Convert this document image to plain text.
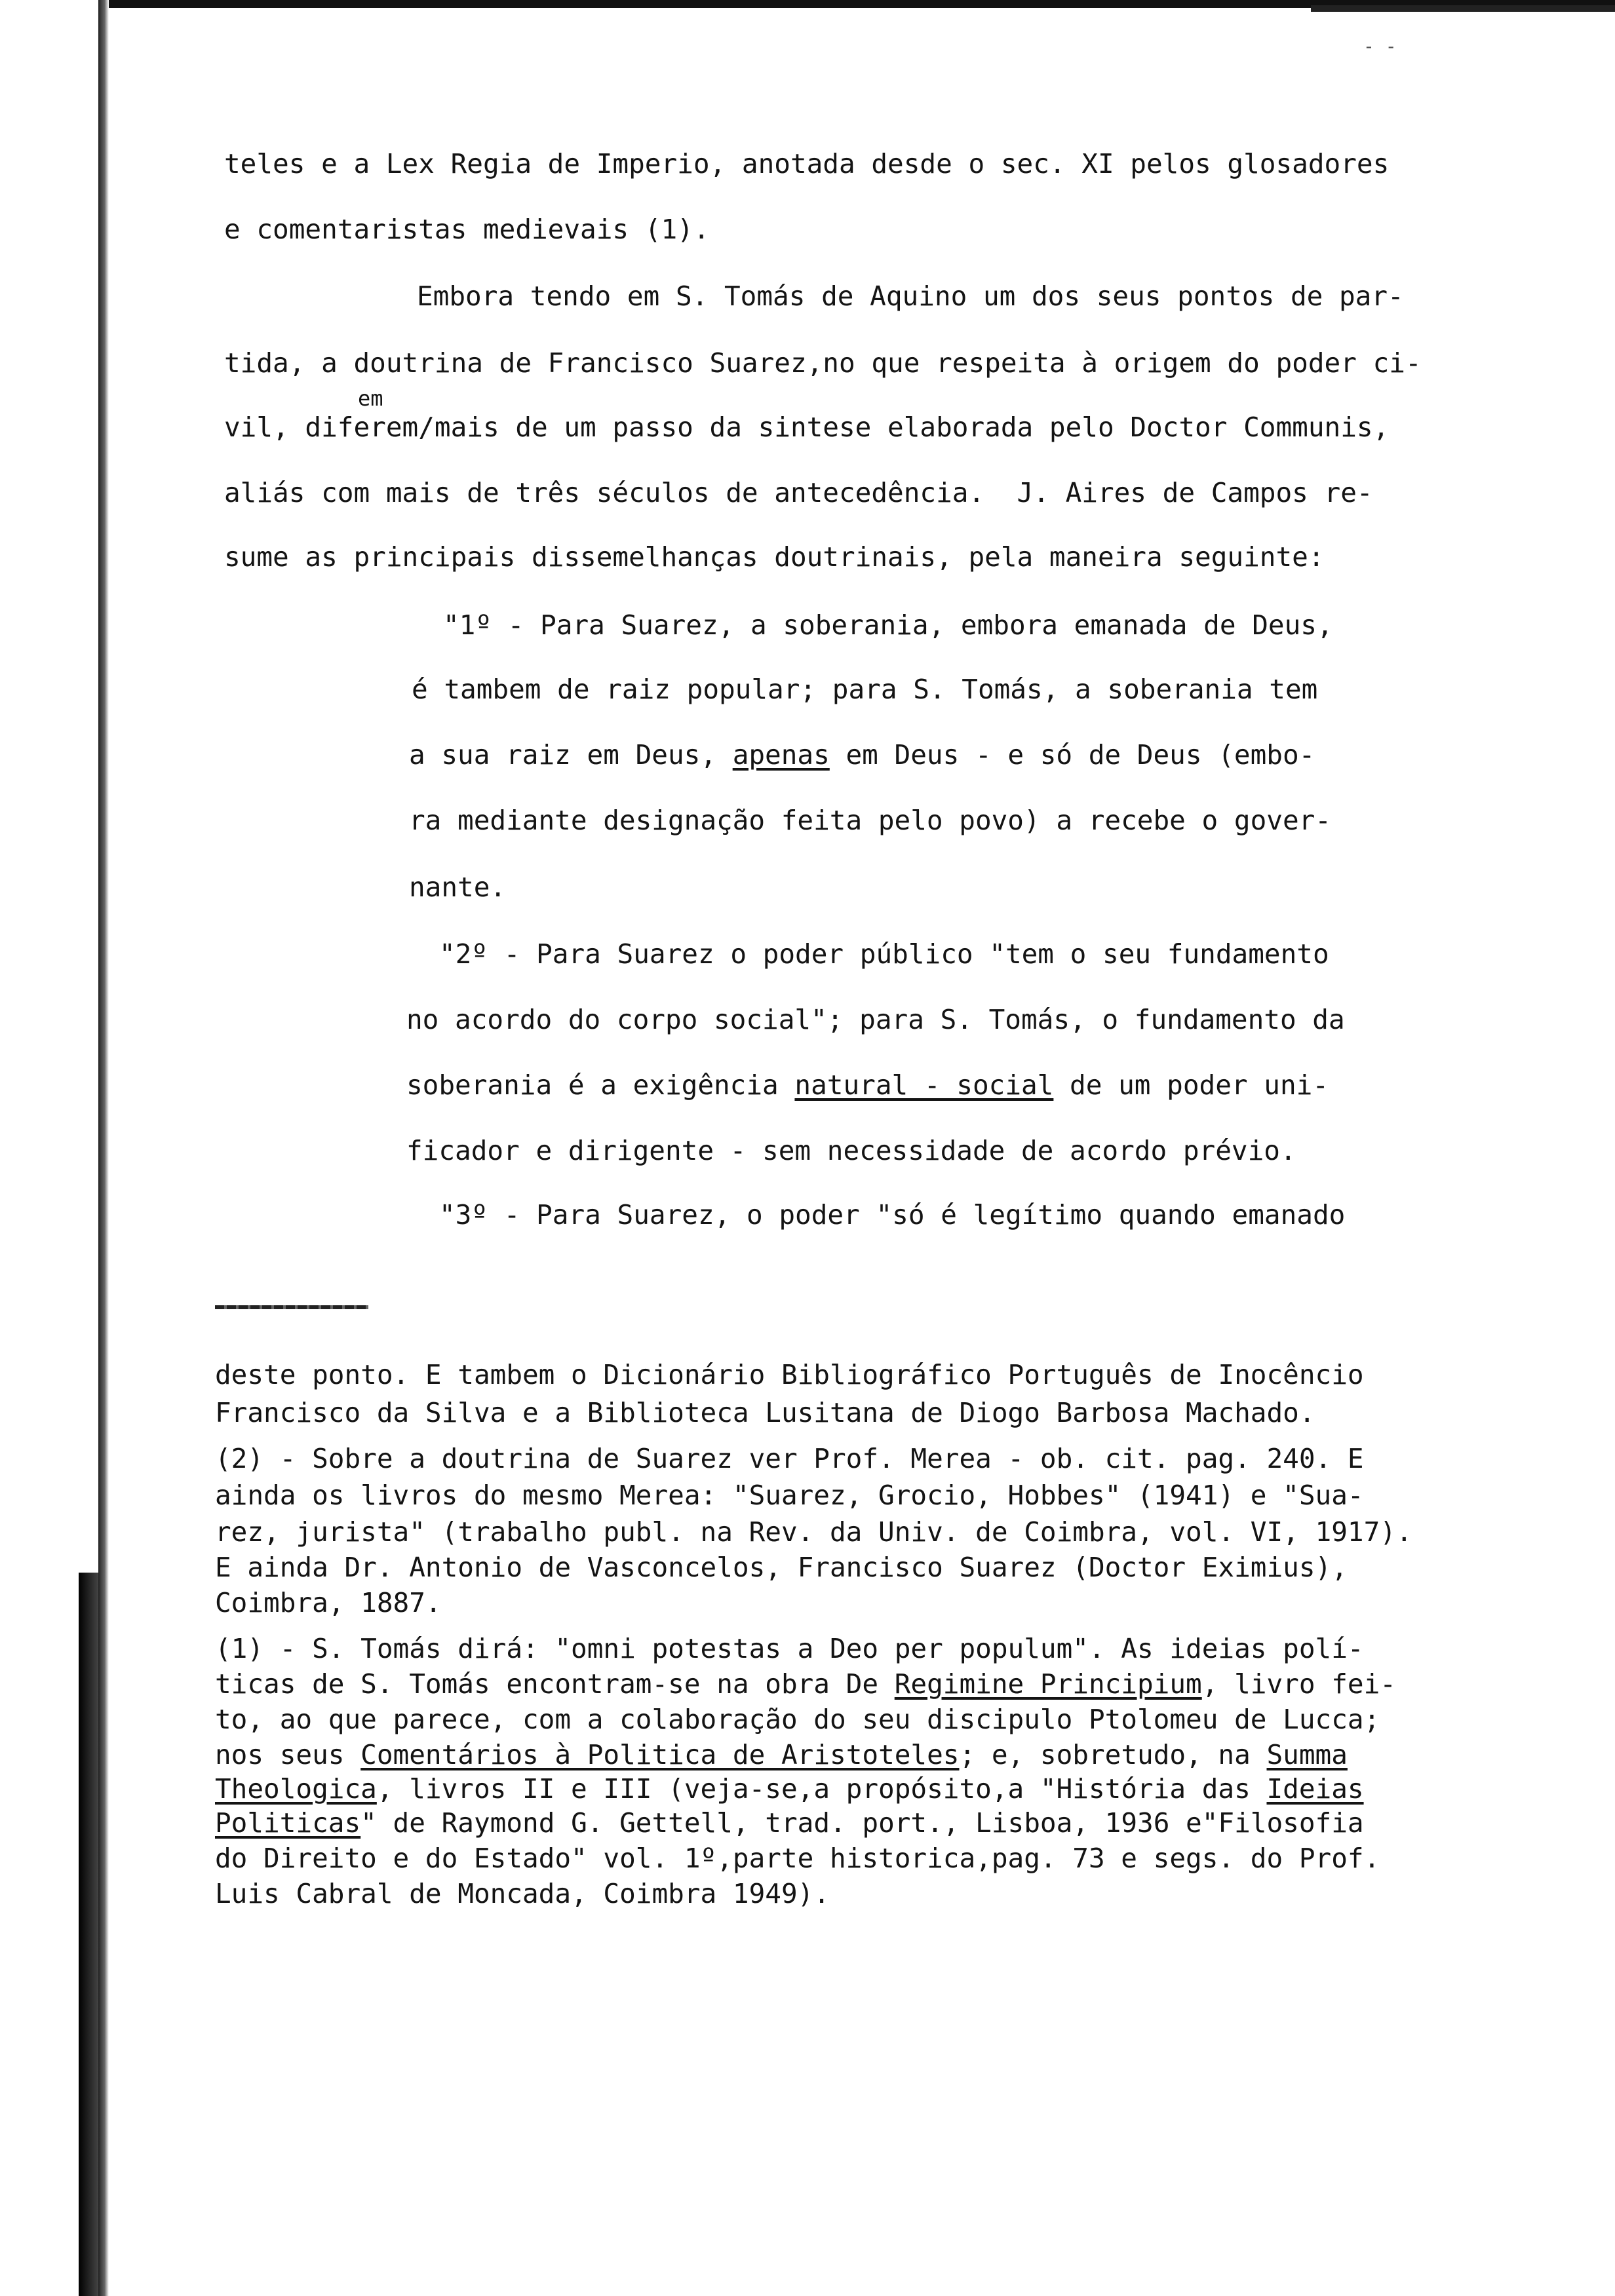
- -
teles e a Lex Regia de Imperio, anotada desde o sec. XI pelos glosadores
e comentaristas medievais (1).
Embora tendo em S. Tomás de Aquino um dos seus pontos de par-
tida, a doutrina de Francisco Suarez,no que respeita à origem do poder ci-
em
vil, diferem/mais de um passo da sintese elaborada pelo Doctor Communis,
aliás com mais de três séculos de antecedência.  J. Aires de Campos re-
sume as principais dissemelhanças doutrinais, pela maneira seguinte:
"1º - Para Suarez, a soberania, embora emanada de Deus,
é tambem de raiz popular; para S. Tomás, a soberania tem
a sua raiz em Deus, apenas em Deus - e só de Deus (embo-
ra mediante designação feita pelo povo) a recebe o gover-
nante.
"2º - Para Suarez o poder público "tem o seu fundamento
no acordo do corpo social"; para S. Tomás, o fundamento da
soberania é a exigência natural - social de um poder uni-
ficador e dirigente - sem necessidade de acordo prévio.
"3º - Para Suarez, o poder "só é legítimo quando emanado
deste ponto. E tambem o Dicionário Bibliográfico Português de Inocêncio
Francisco da Silva e a Biblioteca Lusitana de Diogo Barbosa Machado.
(2) - Sobre a doutrina de Suarez ver Prof. Merea - ob. cit. pag. 240. E
ainda os livros do mesmo Merea: "Suarez, Grocio, Hobbes" (1941) e "Sua-
rez, jurista" (trabalho publ. na Rev. da Univ. de Coimbra, vol. VI, 1917).
E ainda Dr. Antonio de Vasconcelos, Francisco Suarez (Doctor Eximius),
Coimbra, 1887.
(1) - S. Tomás dirá: "omni potestas a Deo per populum". As ideias polí-
ticas de S. Tomás encontram-se na obra De Regimine Principium, livro fei-
to, ao que parece, com a colaboração do seu discipulo Ptolomeu de Lucca;
nos seus Comentários à Politica de Aristoteles; e, sobretudo, na Summa
Theologica, livros II e III (veja-se,a propósito,a "História das Ideias
Politicas" de Raymond G. Gettell, trad. port., Lisboa, 1936 e"Filosofia
do Direito e do Estado" vol. 1º,parte historica,pag. 73 e segs. do Prof.
Luis Cabral de Moncada, Coimbra 1949).
